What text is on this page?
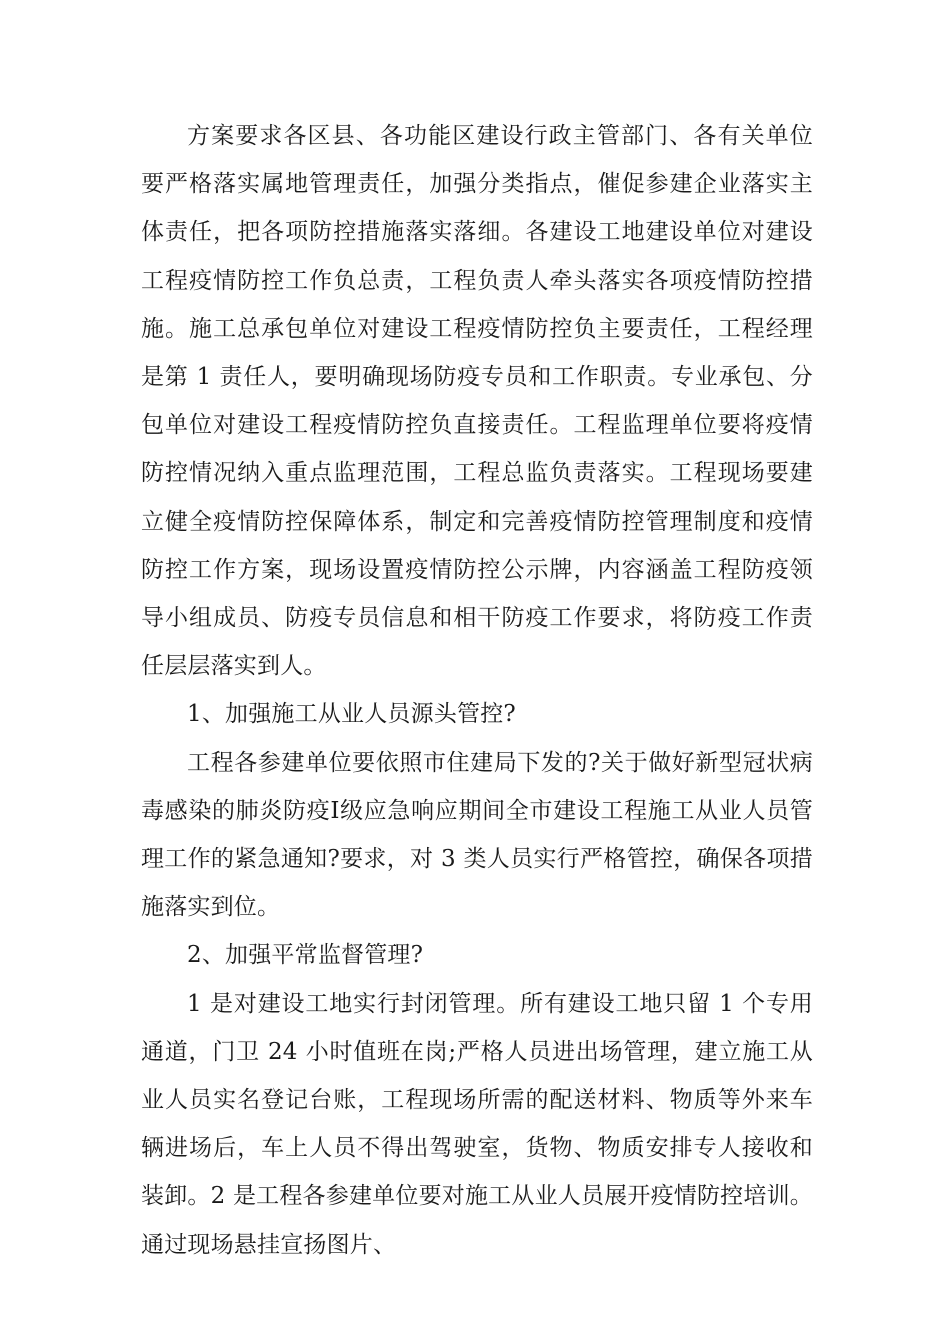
方案要求各区县、各功能区建设行政主管部门、各有关单位要严格落实属地管理责任，加强分类指点，催促参建企业落实主体责任，把各项防控措施落实落细。各建设工地建设单位对建设工程疫情防控工作负总责，工程负责人牵头落实各项疫情防控措施。施工总承包单位对建设工程疫情防控负主要责任，工程经理是第 1 责任人，要明确现场防疫专员和工作职责。专业承包、分包单位对建设工程疫情防控负直接责任。工程监理单位要将疫情防控情况纳入重点监理范围，工程总监负责落实。工程现场要建立健全疫情防控保障体系，制定和完善疫情防控管理制度和疫情防控工作方案，现场设置疫情防控公示牌，内容涵盖工程防疫领导小组成员、防疫专员信息和相干防疫工作要求，将防疫工作责任层层落实到人。

1、加强施工从业人员源头管控?

工程各参建单位要依照市住建局下发的?关于做好新型冠状病毒感染的肺炎防疫Ⅰ级应急响应期间全市建设工程施工从业人员管理工作的紧急通知?要求，对 3 类人员实行严格管控，确保各项措施落实到位。

2、加强平常监督管理?

1 是对建设工地实行封闭管理。所有建设工地只留 1 个专用通道，门卫 24 小时值班在岗;严格人员进出场管理，建立施工从业人员实名登记台账，工程现场所需的配送材料、物质等外来车辆进场后，车上人员不得出驾驶室，货物、物质安排专人接收和装卸。2 是工程各参建单位要对施工从业人员展开疫情防控培训。通过现场悬挂宣扬图片、
